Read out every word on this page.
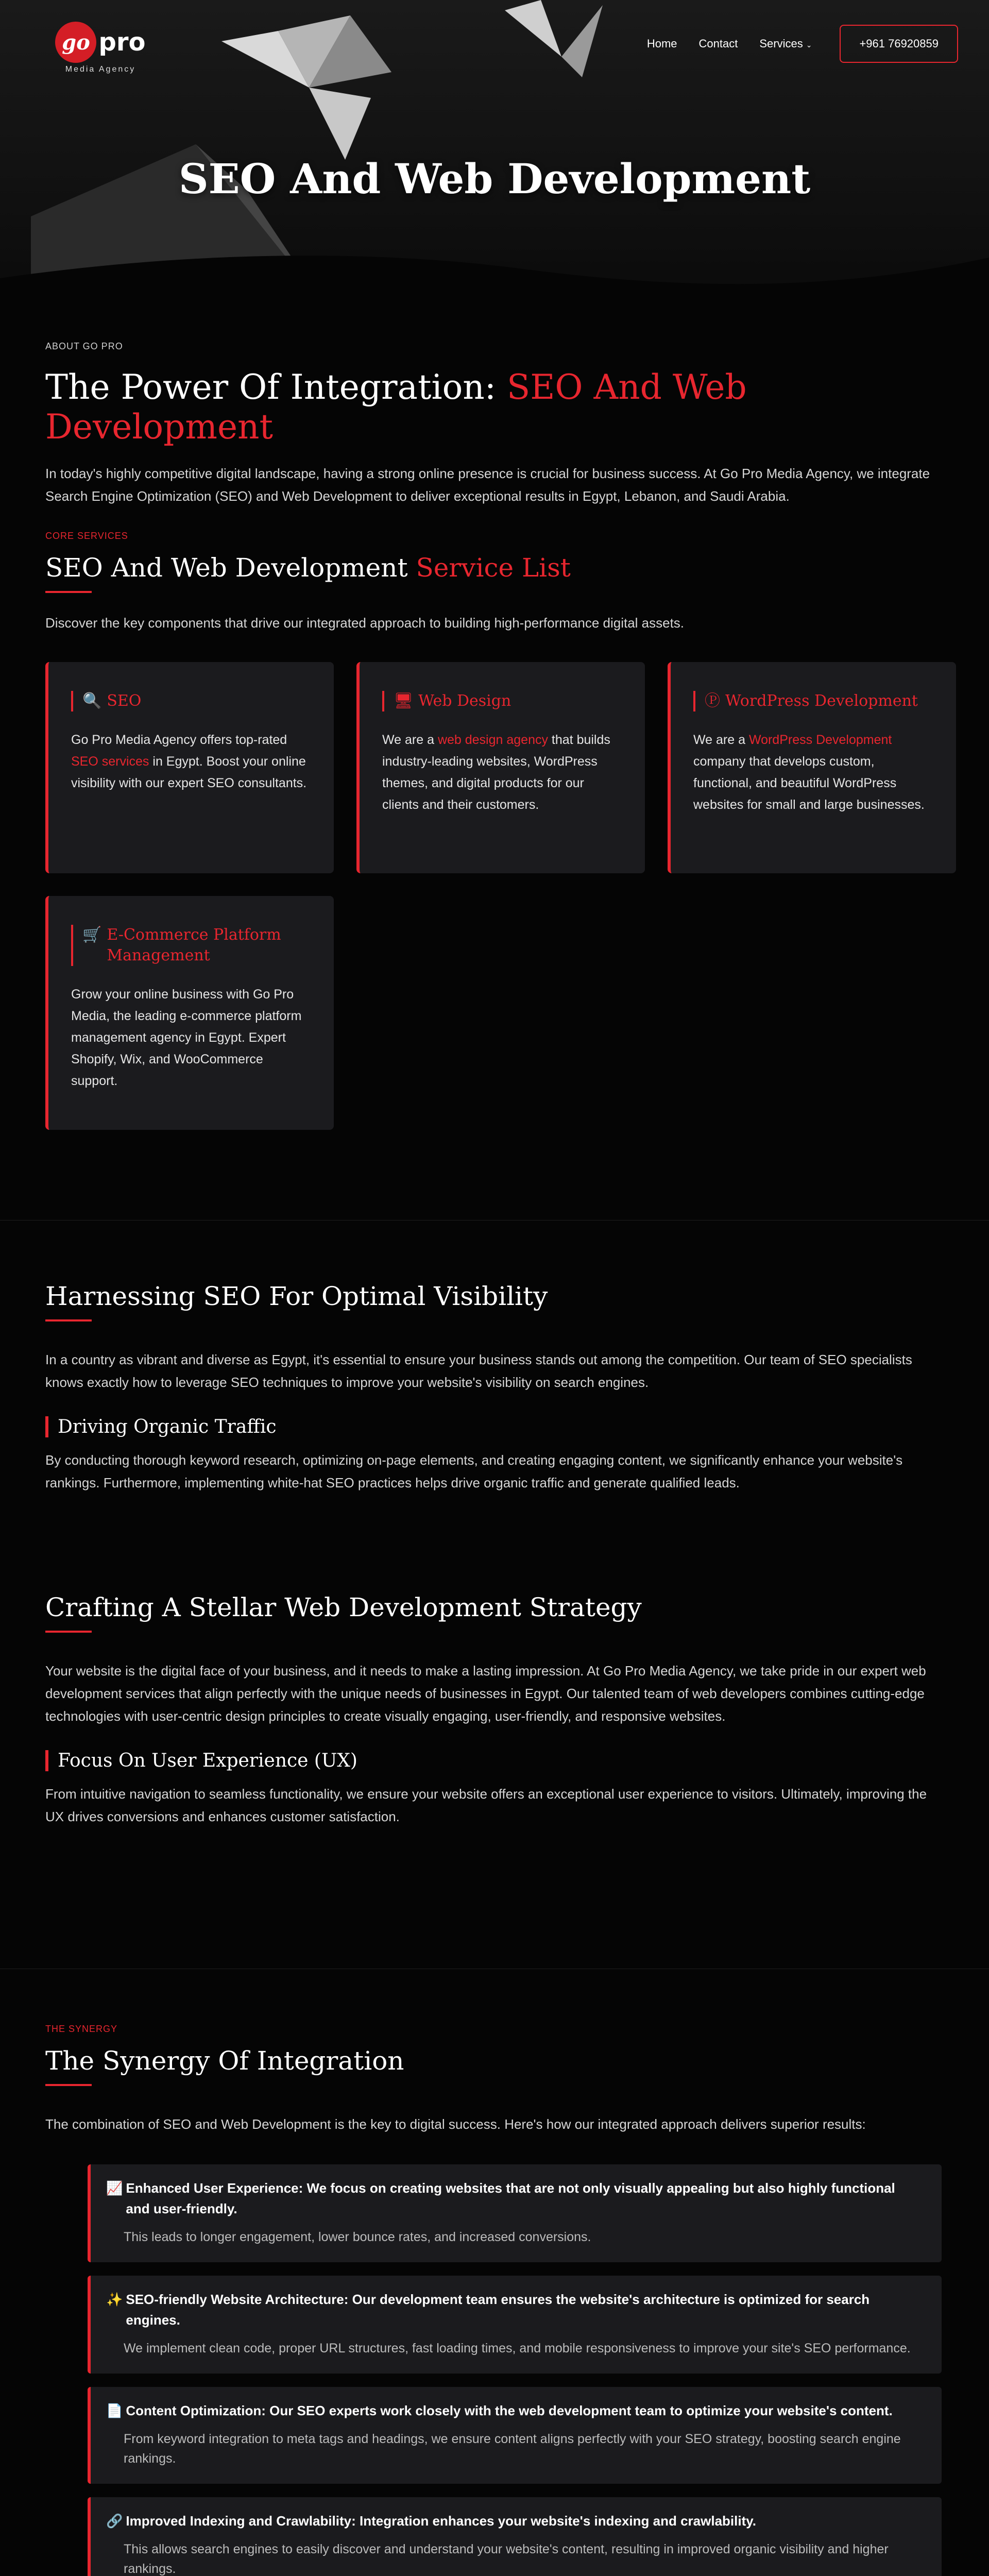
go pro
Media Agency
Home Contact Services ⌄	+961 76920859
SEO And Web Development
ABOUT GO PRO
The Power Of Integration: SEO And Web Development

In today's highly competitive digital landscape, having a strong online presence is crucial for business success. At Go Pro Media Agency, we integrate Search Engine Optimization (SEO) and Web Development to deliver exceptional results in Egypt, Lebanon, and Saudi Arabia.

CORE SERVICES
SEO And Web Development Service List

Discover the key components that drive our integrated approach to building high-performance digital assets.

🔍 SEO
Go Pro Media Agency offers top-rated SEO services in Egypt. Boost your online visibility with our expert SEO consultants.
🖥 Web Design
We are a web design agency that builds industry-leading websites, WordPress themes, and digital products for our clients and their customers.
Ⓟ WordPress Development
We are a WordPress Development company that develops custom, functional, and beautiful WordPress websites for small and large businesses.
🛒 E-Commerce Platform Management
Grow your online business with Go Pro Media, the leading e-commerce platform management agency in Egypt. Expert Shopify, Wix, and WooCommerce support.
Harnessing SEO For Optimal Visibility

In a country as vibrant and diverse as Egypt, it's essential to ensure your business stands out among the competition. Our team of SEO specialists knows exactly how to leverage SEO techniques to improve your website's visibility on search engines.

Driving Organic Traffic

By conducting thorough keyword research, optimizing on-page elements, and creating engaging content, we significantly enhance your website's rankings. Furthermore, implementing white-hat SEO practices helps drive organic traffic and generate qualified leads.

Crafting A Stellar Web Development Strategy

Your website is the digital face of your business, and it needs to make a lasting impression. At Go Pro Media Agency, we take pride in our expert web development services that align perfectly with the unique needs of businesses in Egypt. Our talented team of web developers combines cutting-edge technologies with user-centric design principles to create visually engaging, user-friendly, and responsive websites.

Focus On User Experience (UX)

From intuitive navigation to seamless functionality, we ensure your website offers an exceptional user experience to visitors. Ultimately, improving the UX drives conversions and enhances customer satisfaction.

THE SYNERGY
The Synergy Of Integration

The combination of SEO and Web Development is the key to digital success. Here's how our integrated approach delivers superior results:

📈 Enhanced User Experience: We focus on creating websites that are not only visually appealing but also highly functional and user-friendly.
This leads to longer engagement, lower bounce rates, and increased conversions.
✨ SEO-friendly Website Architecture: Our development team ensures the website's architecture is optimized for search engines.
We implement clean code, proper URL structures, fast loading times, and mobile responsiveness to improve your site's SEO performance.
📄 Content Optimization: Our SEO experts work closely with the web development team to optimize your website's content.
From keyword integration to meta tags and headings, we ensure content aligns perfectly with your SEO strategy, boosting search engine rankings.
🔗 Improved Indexing and Crawlability: Integration enhances your website's indexing and crawlability.
This allows search engines to easily discover and understand your website's content, resulting in improved organic visibility and higher rankings.
